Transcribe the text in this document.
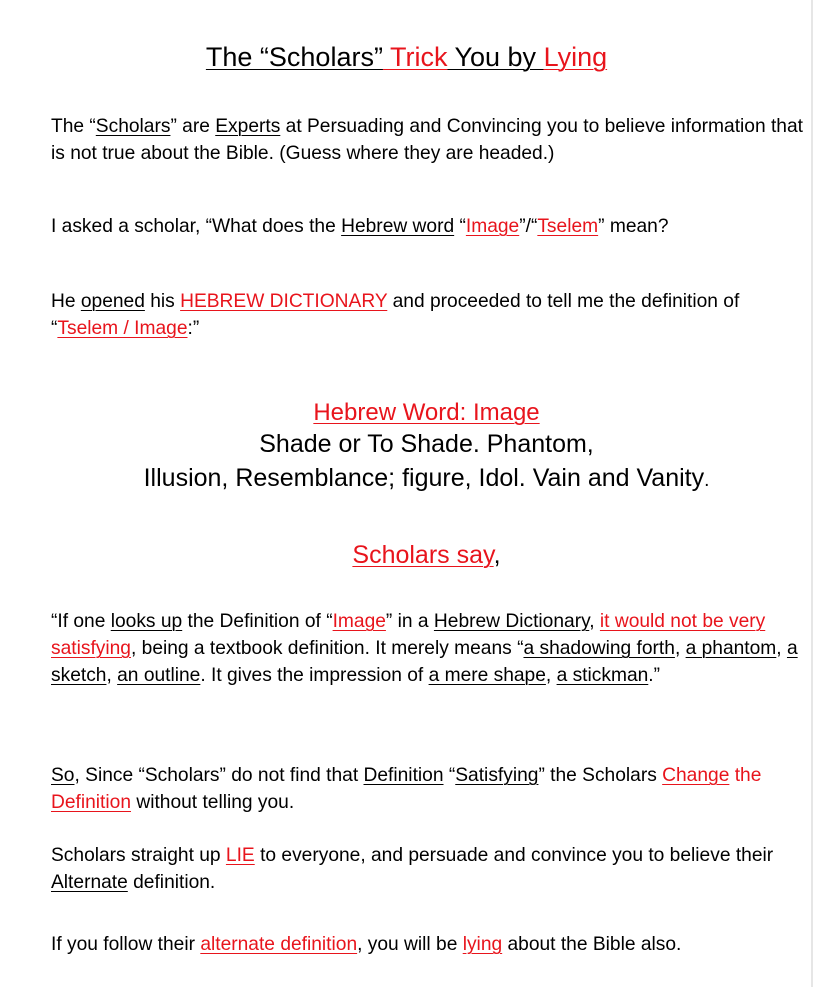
The “Scholars” Trick You by Lying

The “Scholars” are Experts at Persuading and Convincing you to believe information that is not true about the Bible. (Guess where they are headed.)

I asked a scholar, “What does the Hebrew word “Image”/“Tselem” mean?

He opened his HEBREW DICTIONARY and proceeded to tell me the definition of “Tselem / Image:”

Hebrew Word: Image
Shade or To Shade. Phantom,
Illusion, Resemblance; figure, Idol. Vain and Vanity.
Scholars say,

“If one looks up the Definition of “Image” in a Hebrew Dictionary, it would not be very satisfying, being a textbook definition. It merely means “a shadowing forth, a phantom, a sketch, an outline. It gives the impression of a mere shape, a stickman.”

So, Since “Scholars” do not find that Definition “Satisfying” the Scholars Change the Definition without telling you.

Scholars straight up LIE to everyone, and persuade and convince you to believe their Alternate definition.

If you follow their alternate definition, you will be lying about the Bible also.
